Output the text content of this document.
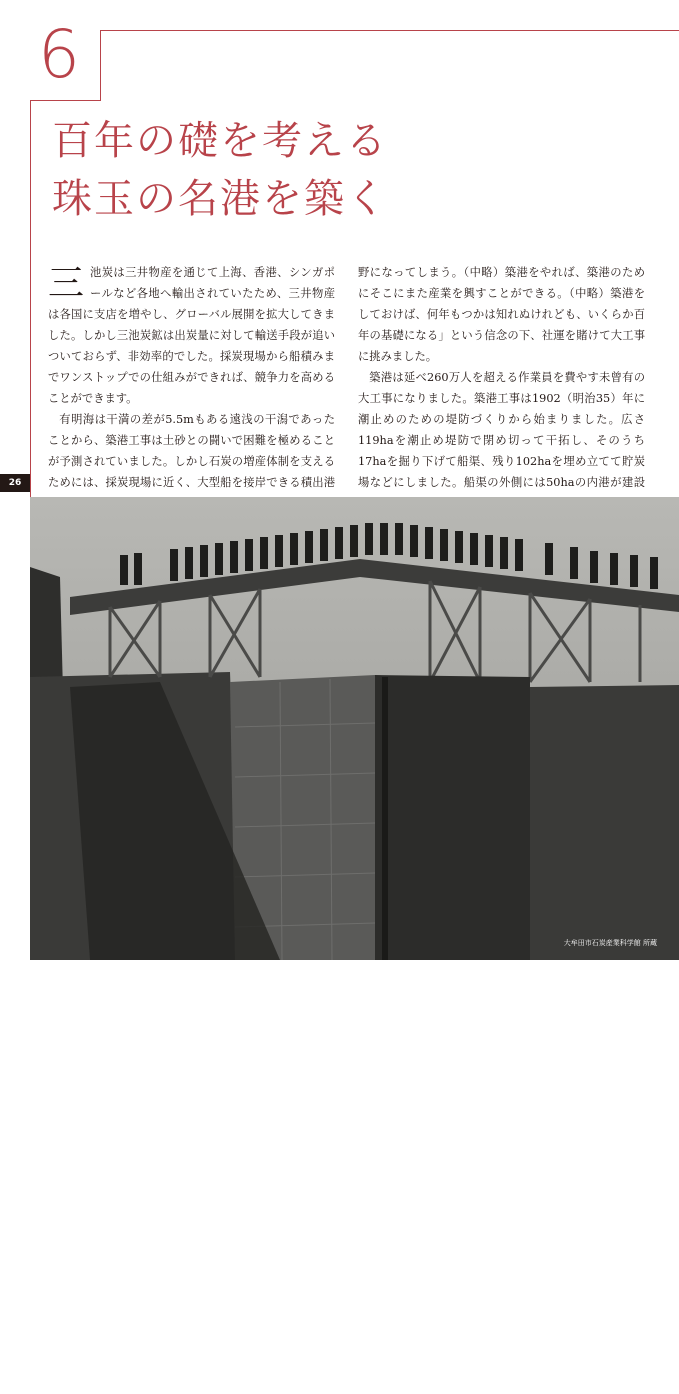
6
百年の礎を考える
珠玉の名港を築く

三池炭は三井物産を通じて上海、香港、シンガポールなど各地へ輸出されていたため、三井物産は各国に支店を増やし、グローバル展開を拡大してきました。しかし三池炭鉱は出炭量に対して輸送手段が追いついておらず、非効率的でした。採炭現場から船積みまでワンストップでの仕組みができれば、競争力を高めることができます。

有明海は干満の差が5.5mもある遠浅の干潟であったことから、築港工事は土砂との闘いで困難を極めることが予測されていました。しかし石炭の増産体制を支えるためには、採炭現場に近く、大型船を接岸できる積出港

野になってしまう。（中略）築港をやれば、築港のためにそこにまた産業を興すことができる。（中略）築港をしておけば、何年もつかは知れぬけれども、いくらか百年の基礎になる」という信念の下、社運を賭けて大工事に挑みました。

築港は延べ260万人を超える作業員を費やす未曾有の大工事になりました。築港工事は1902（明治35）年に潮止めのための堤防づくりから始まりました。広さ119haを潮止め堤防で閉め切って干拓し、そのうち17haを掘り下げて船渠、残り102haを埋め立てて貯炭場などにしました。船渠の外側には50haの内港が建設

26
1908（明治41）年　三池港の築港
観音開きの鉄製扉は1枚で幅12.17m、高さ8.84m、厚さ1.20m。扉の接する箇所には南米ギアナから取り寄せた水に強く非常に堅くて重い木材・グリーンハートが使用されました。
大牟田市石炭産業科学館 所蔵
